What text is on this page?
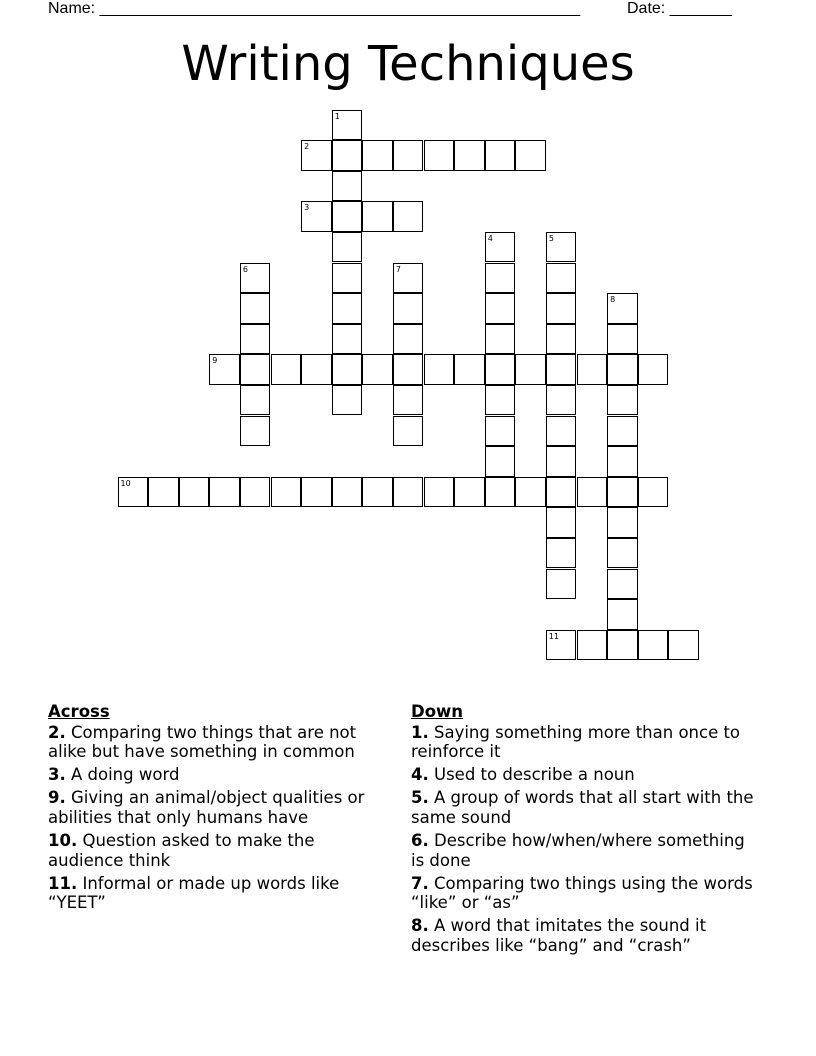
Name: ______________________________________________________	Date: _______
Writing Techniques
1
2
3
4	5
6	7
8
9
10
11
Across
2. Comparing two things that are not alike but have something in common
3. A doing word
9. Giving an animal/object qualities or abilities that only humans have
10. Question asked to make the audience think
11. Informal or made up words like “YEET”
Down
1. Saying something more than once to reinforce it
4. Used to describe a noun
5. A group of words that all start with the same sound
6. Describe how/when/where something is done
7. Comparing two things using the words “like” or “as”
8. A word that imitates the sound it describes like “bang” and “crash”
